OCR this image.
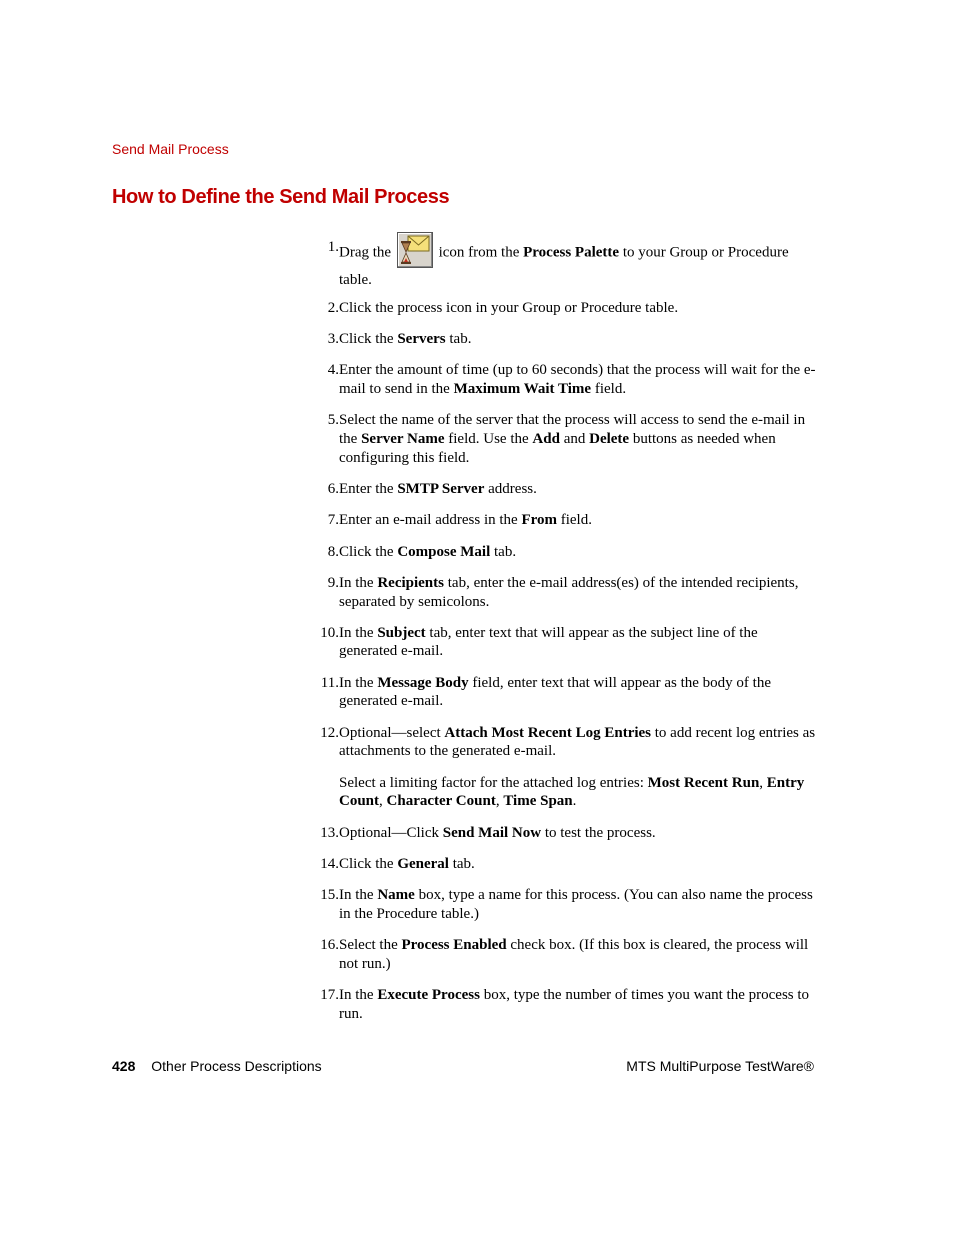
Send Mail Process
How to Define the Send Mail Process
1. Drag the	icon from the Process Palette to your Group or Procedure table.
2. Click the process icon in your Group or Procedure table.
3. Click the Servers tab.
4. Enter the amount of time (up to 60 seconds) that the process will wait for the e-mail to send in the Maximum Wait Time field.
5. Select the name of the server that the process will access to send the e-mail in the Server Name field. Use the Add and Delete buttons as needed when configuring this field.
6. Enter the SMTP Server address.
7. Enter an e-mail address in the From field.
8. Click the Compose Mail tab.
9. In the Recipients tab, enter the e-mail address(es) of the intended recipients, separated by semicolons.
10. In the Subject tab, enter text that will appear as the subject line of the generated e-mail.
11. In the Message Body field, enter text that will appear as the body of the generated e-mail.
12. Optional—select Attach Most Recent Log Entries to add recent log entries as attachments to the generated e-mail.
Select a limiting factor for the attached log entries: Most Recent Run, Entry Count, Character Count, Time Span.
13. Optional—Click Send Mail Now to test the process.
14. Click the General tab.
15. In the Name box, type a name for this process. (You can also name the process in the Procedure table.)
16. Select the Process Enabled check box. (If this box is cleared, the process will not run.)
17. In the Execute Process box, type the number of times you want the process to run.
428 Other Process Descriptions	MTS MultiPurpose TestWare®
